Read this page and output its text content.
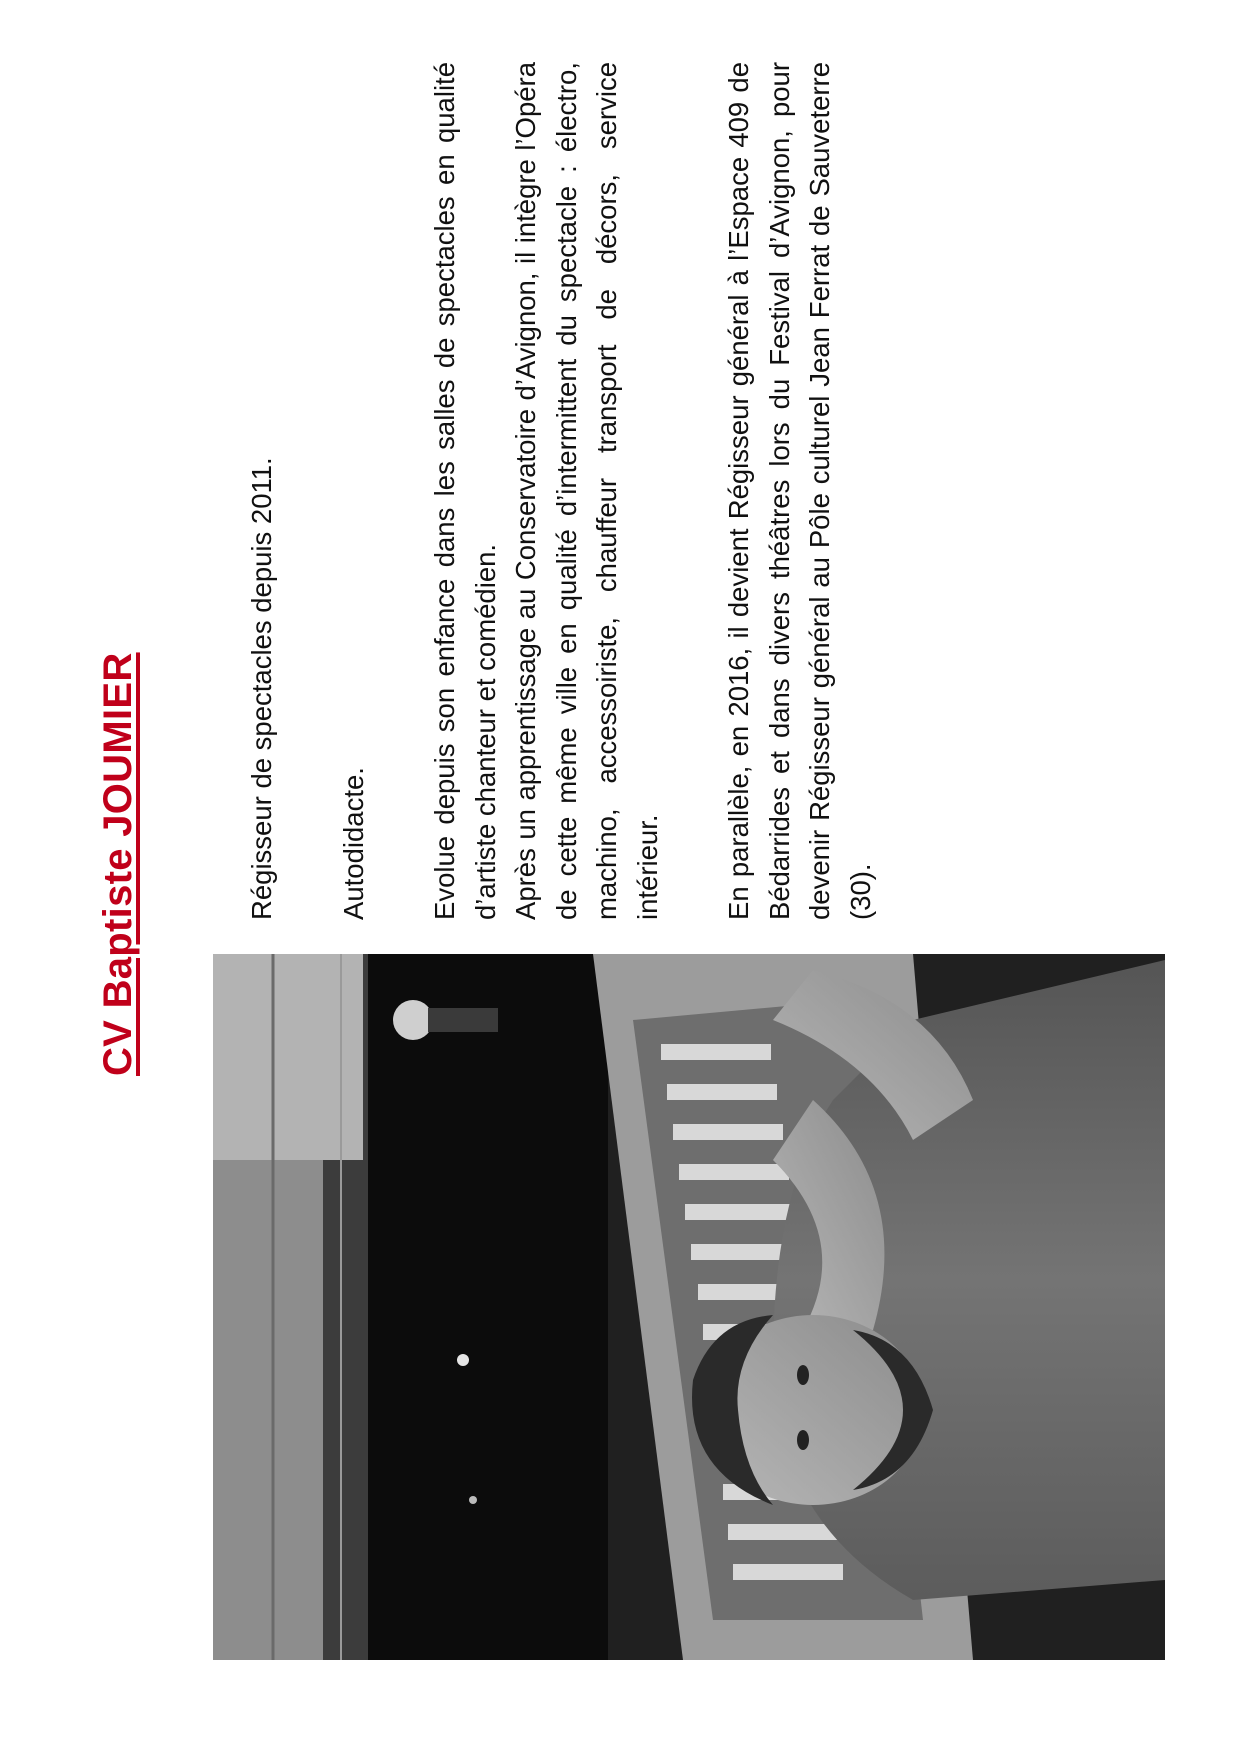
CV Baptiste JOUMIER	Régisseur de spectacles depuis 2011. Autodidacte. Evolue depuis son enfance dans les salles de spectacles en qualité d’artiste chanteur et comédien. Après un apprentissage au Conservatoire d’Avignon, il intègre l’Opéra de cette même ville en qualité d’intermittent du spectacle : électro, machino, accessoiriste, chauffeur transport de décors, service intérieur. En parallèle, en 2016, il devient Régisseur général à l’Espace 409 de Bédarrides et dans divers théâtres lors du Festival d’Avignon, pour devenir Régisseur général au Pôle culturel Jean Ferrat de Sauveterre (30).
